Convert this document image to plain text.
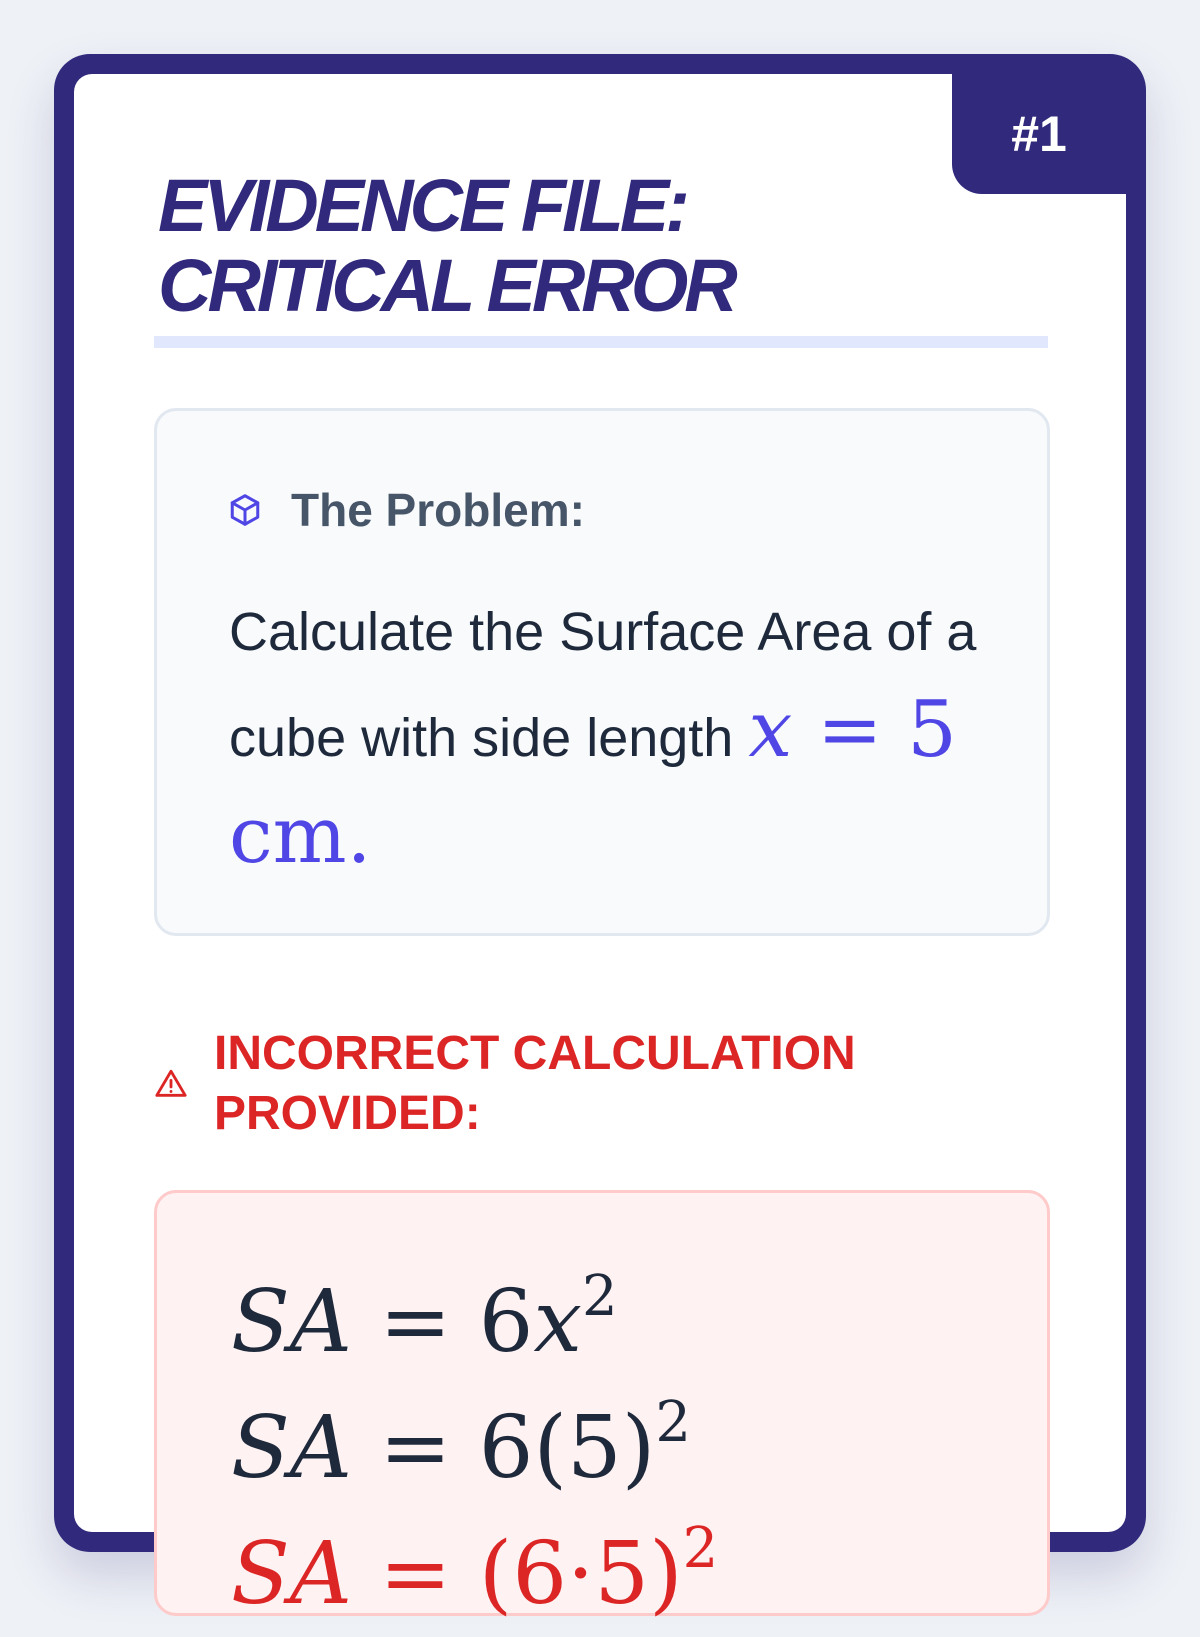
#1
EVIDENCE FILE:
CRITICAL ERROR
The Problem:
Calculate the Surface Area of a cube with side length x = 5 cm.
INCORRECT CALCULATION
PROVIDED:
SA = $6x^2$
SA = $6(5)^2$
SA = $(6\cdot 5)^2$
